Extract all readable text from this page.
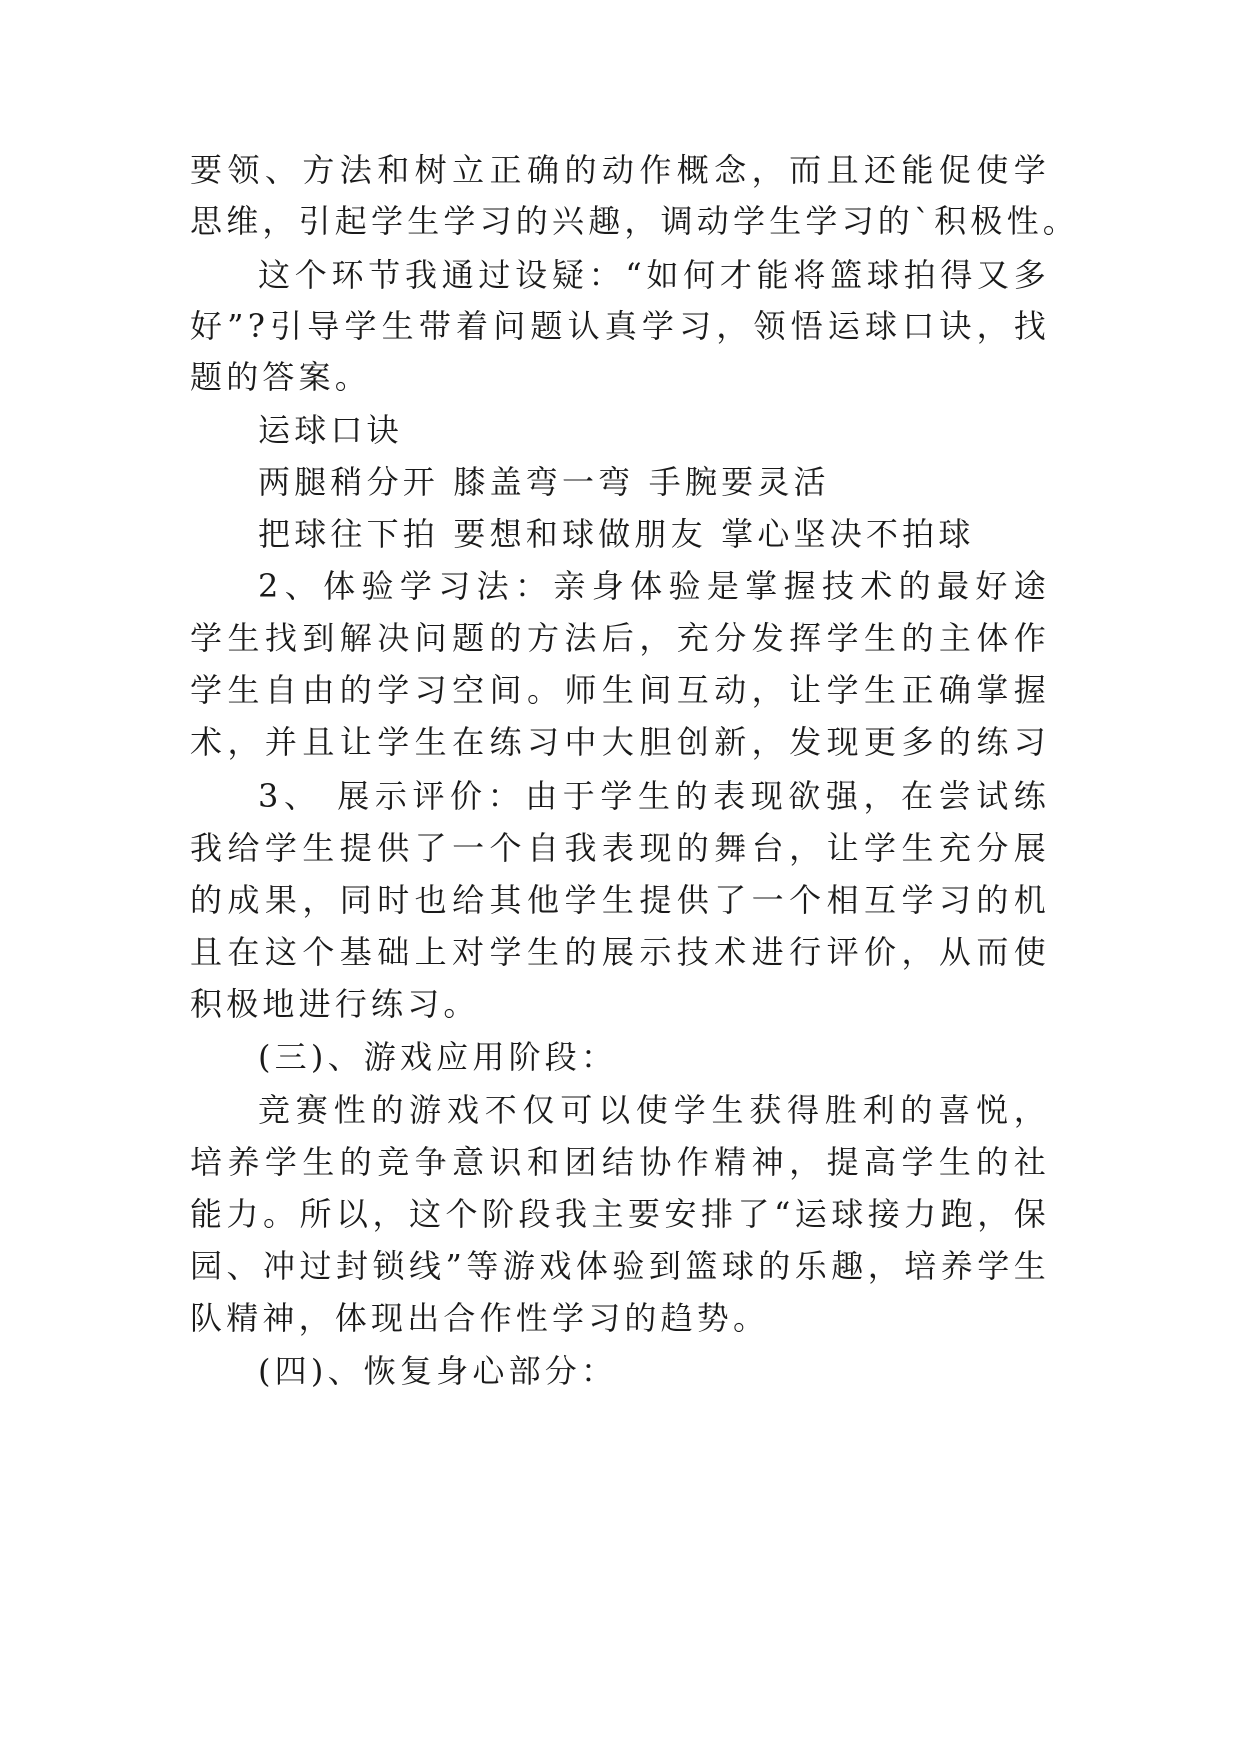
要领、方法和树立正确的动作概念，而且还能促使学
思维，引起学生学习的兴趣，调动学生学习的`积极性。
这个环节我通过设疑：“如何才能将篮球拍得又多
好”?引导学生带着问题认真学习，领悟运球口诀，找
题的答案。
运球口诀
两腿稍分开 膝盖弯一弯 手腕要灵活
把球往下拍 要想和球做朋友 掌心坚决不拍球
2、体验学习法：亲身体验是掌握技术的最好途
学生找到解决问题的方法后，充分发挥学生的主体作
学生自由的学习空间。师生间互动，让学生正确掌握
术，并且让学生在练习中大胆创新，发现更多的练习
3、 展示评价：由于学生的表现欲强，在尝试练
我给学生提供了一个自我表现的舞台，让学生充分展
的成果，同时也给其他学生提供了一个相互学习的机
且在这个基础上对学生的展示技术进行评价，从而使
积极地进行练习。
(三)、游戏应用阶段：
竞赛性的游戏不仅可以使学生获得胜利的喜悦，
培养学生的竞争意识和团结协作精神，提高学生的社
能力。所以，这个阶段我主要安排了“运球接力跑，保
园、冲过封锁线”等游戏体验到篮球的乐趣，培养学生
队精神，体现出合作性学习的趋势。
(四)、恢复身心部分：
